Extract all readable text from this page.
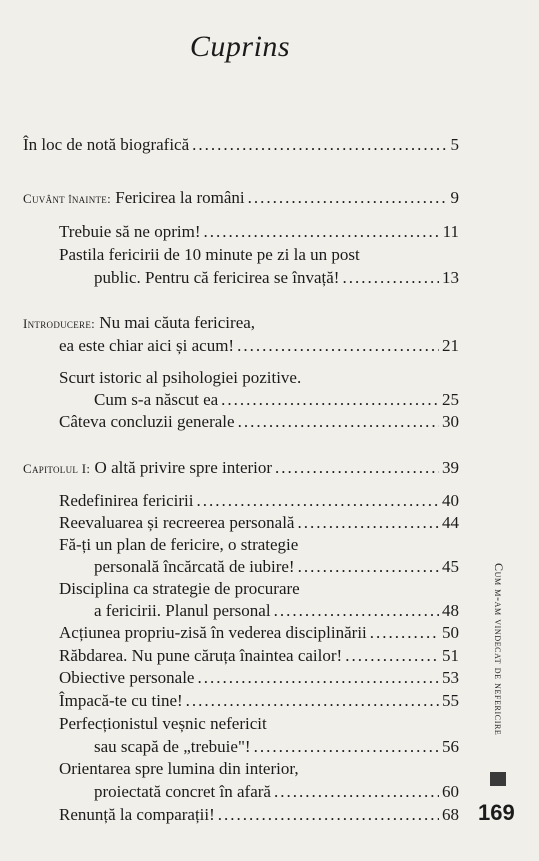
Cuprins
În loc de notă biografică .....	5
Cuvânt înainte: Fericirea la români .....	9
Trebuie să ne oprim! .....	11
Pastila fericirii de 10 minute pe zi la un post
public. Pentru că fericirea se învață! .....	13
Introducere: Nu mai căuta fericirea,
ea este chiar aici și acum! .....	21
Scurt istoric al psihologiei pozitive.
Cum s-a născut ea .....	25
Câteva concluzii generale .....	30
Capitolul I: O altă privire spre interior .....	39
Redefinirea fericirii .....	40
Reevaluarea și recreerea personală .....	44
Fă-ți un plan de fericire, o strategie
personală încărcată de iubire! .....	45
Disciplina ca strategie de procurare
a fericirii. Planul personal .....	48
Acțiunea propriu-zisă în vederea disciplinării .....	50
Răbdarea. Nu pune căruța înaintea cailor! .....	51
Obiective personale .....	53
Împacă-te cu tine! .....	55
Perfecționistul veșnic nefericit
sau scapă de „trebuie"! .....	56
Orientarea spre lumina din interior,
proiectată concret în afară .....	60
Renunță la comparații! .....	68
Cum m-am vindecat de nefericire
169
